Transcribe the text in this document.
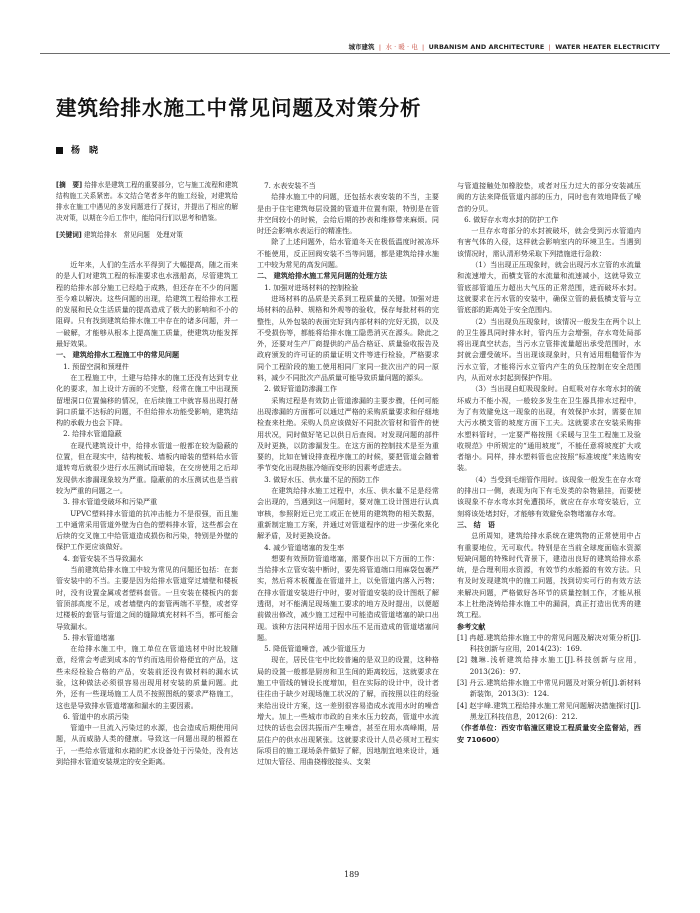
城市建筑 | 水 · 暖 · 电 | URBANISM AND ARCHITECTURE | WATER HEATER ELECTRICITY
建筑给排水施工中常见问题及对策分析
杨　晓

[摘　要] 给排水是建筑工程的重要部分，它与施工流程和建筑结构施工关系紧密。本文结合笔者多年的施工经验，对建筑给排水在施工中遇见的多发问题进行了探讨，并提出了相应的解决对策，以期在今后工作中，能给同行们以思考和借鉴。

[关键词] 建筑给排水　常见问题　处理对策

近年来，人们的生活水平得到了大幅提高，随之而来的是人们对建筑工程的标准要求也水涨船高，尽管建筑工程的给排水部分施工已经趋于成熟，但还存在不少的问题至今难以解决。这些问题的出现，给建筑工程给排水工程的发展和民众生活质量的提高造成了极大的影响和不小的阻碍。只有找到建筑给排水施工中存在的诸多问题，并一一破解，才能够从根本上提高施工质量，使建筑功能发挥最好效果。

一、 建筑给排水工程施工中的常见问题

1. 预留空洞和预埋件

在工程施工中，土建与给排水的施工还没有达到专业化的要求，加上设计方面的不完整，经常在施工中出现预留埋洞口位置偏移的情况，在后续施工中就容易出现打凿洞口质量不达标的问题，不但给排水功能受影响，建筑结构的承载力也会下降。

2. 给排水管道隐蔽

在现代建筑设计中，给排水管道一般都在较为隐蔽的位置，但在现实中，结构梳板、墙板内暗装的塑料给水管道转弯后就很少进行水压测试而暗装，在交房使用之后却发现供水渗漏现象较为严重。隐蔽前的水压测试也是当前较为严重的问题之一。

3. 排水管道受破坏和污染严重

UPVC塑料排水管道的抗冲击能力不是很强，而且施工中通常采用管道外壁为白色的塑料排水管，这些都会在后续的交叉施工中给管道造成损伤和污染，特别是外壁的保护工作更应该做好。

4. 套管安装不当导致漏水

当前建筑给排水施工中较为常见的问题还包括：在套管安装中的不当。主要是因为给排水管道穿过墙壁和楼板时，没有设置金属或者塑料套管。一旦安装在楼板内的套管顶部高度不足，或者墙壁内的套管两端不平整，或者穿过楼板的套管与管道之间的缝隙填充材料不当，都可能会导致漏水。

5. 排水管道堵塞

在给排水施工中，施工单位在管道选材中时比较随意，经常会考虑到成本的节约而选用价格便宜的产品，这些未经检验合格的产品，安装前还没有做材料的漏水试验，这种做法必须很容易出现用材安装的质量问题。此外，还有一些现场施工人员不按照图纸的要求严格施工，这也是导致排水管道堵塞和漏水的主要因素。

6. 管道中的水质污染

管道中一旦流入污染过的水源，也会造成后期使用问题，从而威胁人类的健康。导致这一问题出现的根源在于，一些给水管道和水箱的贮水设备处于污染处，没有达到给排水管道安装规定的安全距离。

7. 水表安装不当

给排水施工中的问题，还包括水表安装的不当，主要是由于住宅建筑每层设置的管道井位置有限，特别是在管井空间较小的时候，会给后期的抄表和维修带来麻烦。同时还会影响水表运行的精准性。

除了上述问题外，给水管道冬天在极低温度时被冻坏不能使用，反正回阀安装不当等问题，都是建筑给排水施工中较为常见的高发问题。

二、 建筑给排水施工常见问题的处理方法

1. 加强对进场材料的控制检验

进场材料的品质是关系到工程质量的关键。加强对进场材料的品种、规格和外观等的验收，保存每批材料的完整性，从外包装的表面完好到内部材料的完好无损，以及不受损伤等，都能将给排水施工隐患消灭在源头。除此之外，还要对生产厂商提供的产品合格证、质量验收报告及政府颁发的许可证的质量证明文件等进行检验，严格要求同个工程阶段的施工使用相同厂家同一批次出产的同一原料，减少不同批次产品质量可能导致质量问题的源头。

2. 做好管道防渗漏工作

采购过程是有效防止管道渗漏的主要步骤，任何可能出现渗漏的方面都可以通过严格的采购质量要求和仔细地检查来杜绝。采购人员应该做好不同批次管材和管件的使用状况，同时做好笔记以供日后查阅。对发现问题的部件及时更换，以防渗漏发生。在这方面的控制技术是至为重要的，比如在铺设排查程序施工的时候，要把管道会随着季节变化出现热胀冷缩而变形的因素考虑进去。

3. 做好水压、供水量不足的预防工作

在建筑给排水施工过程中，水压、供水量不足是经常会出现的，当遇到这一问题时，要对施工设计图进行认真审核，参照附近已完工或正在使用的建筑物的相关数据，重新制定施工方案，并通过对管道程序的进一步强化来化解矛盾，及时更换设备。

4. 减少管道堵塞的发生率

想要有效预防管道堵塞，需要作出以下方面的工作：当给排水立管安装中断时，要先将管道端口用麻袋包裹严实，然后将木板覆盖在管道井上，以免管道内落入污物；在排水管道安装进行中时，要对管道安装的设计图纸了解透彻，对不能满足现场施工要求的地方及时提出，以便超前做出修改，减少施工过程中可能造成管道堵塞的缺口出现。该种方法同样适用于因水压不足而造成的管道堵塞问题。

5. 降低管道噪音，减少管道压力

现在，居民住宅中比较普遍的是双卫的设置，这种格局的设置一般都是厨房和卫生间的距离较远，这就要求在施工中管线的铺设长度增加，但在实际的设计中，设计者往往由于缺少对现场施工状况的了解，而按照以往的经验来给出设计方案，这一差别很容易造成水流用水时的噪音增大。加上一些城市市政的自来水压力较高，管道中水流过快的话也会因共振而产生噪音，甚至在用水高峰期，居层住户的供水出现紧张。这就要求设计人员必须对工程实际项目的施工现场条件做好了解，因地制宜地来设计，通过加大管径、用曲挠橡胶接头、支架

与管道接触处加橡胶垫，或者对压力过大的部分安装减压阀的方法来降低管道内部的压力，同时也有效地降低了噪音的分贝。

6. 做好存水弯水封的防护工作

一旦存水弯部分的水封被破坏，就会受到污水管道内有害气体的入侵，这样就会影响室内的环境卫生。当遇到该情况时，需认清形势采取下列措施进行急救：

（1）当出现正压现象时，就会出现污水立管的水流量和流速增大，而横支管的水流量和流速减小，这就导致立管底部管道压力超出大气压的正常范围，进而破坏水封。这就要求在污水管的安装中，确保立管的最低横支管与立管底部的距离处于安全范围内。

（2）当出现负压现象时，该情况一般发生在两个以上的卫生器具同时排水时，管内压力会增强，存水弯处局部将出现真空状态，当污水立管排流量超出承受范围时，水封就会遭受破坏。当出现该现象时，只有适用粗糙管作为污水立管，才能将污水立管内产生的负压控制在安全范围内，从而对水封起到保护作用。

（3）当出现自虹吸现象时。自虹吸对存水弯水封的破坏威力不能小视，一般较多发生在卫生器具排水过程中，为了有效避免这一现象的出现，有效保护水封，需要在加大污水横支管的坡度方面下工夫。这就要求在安装采购排水塑料管时，一定要严格按照《采暖与卫生工程施工及验收规范》中所规定的“通用坡度”，不能任意将坡度扩大或者缩小。同样，排水塑料管也应按照“标准坡度”来选购安装。

（4）当受到毛细管作用时。该现象一般发生在存水弯的排出口一侧，表现为向下有毛发类的杂物悬挂，而要使该现象不存水弯水封免遭损坏，就应在存水弯安装后，立刻将该处堵封好，才能够有效避免杂物堵塞存水弯。

三、 结　语

总所周知，建筑给排水系统在建筑物的正常使用中占有重要地位，无可取代。特别是在当前全球度面临水资源短缺问题的特殊时代背景下，建造出良好的建筑给排水系统，是合理利用水资源，有效节约水能源的有效方法。只有及时发现建筑中的施工问题，找到切实可行的有效方法来解决问题，严格做好各环节的质量控制工作，才能从根本上杜绝浇铸给排水施工中的漏洞，真正打造出优秀的建筑工程。

参考文献

[1] 冉超.建筑给排水施工中的常见问题及解决对策分析[J].科技创新与应用，2014(23)：169.

[2] 魏琳.浅析建筑给排水施工[J].科技创新与应用，2013(26)：97.

[3] 丹云.建筑给排水施工中常见问题及对策分析[J].新材料新装饰，2013(3)：124.

[4] 赵宇峰.建筑工程给排水施工常见问题解决措施探讨[J].黑龙江科技信息，2012(6)：212.

（作者单位：西安市临潼区建设工程质量安全监督站，西安 710600）

189
